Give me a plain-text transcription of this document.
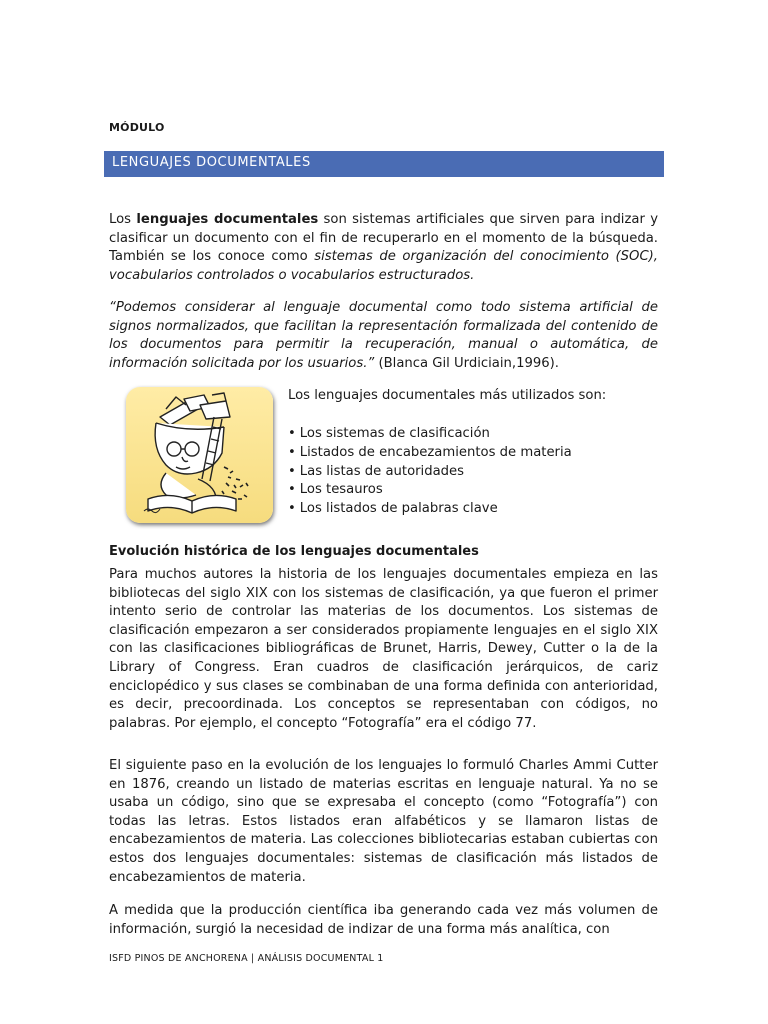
MÓDULO
LENGUAJES DOCUMENTALES

Los lenguajes documentales son sistemas artificiales que sirven para indizar y clasificar un documento con el fin de recuperarlo en el momento de la búsqueda. También se los conoce como sistemas de organización del conocimiento (SOC), vocabularios controlados o vocabularios estructurados.

“Podemos considerar al lenguaje documental como todo sistema artificial de signos normalizados, que facilitan la representación formalizada del contenido de los documentos para permitir la recuperación, manual o automática, de información solicitada por los usuarios.” (Blanca Gil Urdiciain,1996).

Los lenguajes documentales más utilizados son:
• Los sistemas de clasificación
• Listados de encabezamientos de materia
• Las listas de autoridades
• Los tesauros
• Los listados de palabras clave
Evolución histórica de los lenguajes documentales

Para muchos autores la historia de los lenguajes documentales empieza en las bibliotecas del siglo XIX con los sistemas de clasificación, ya que fueron el primer intento serio de controlar las materias de los documentos. Los sistemas de clasificación empezaron a ser considerados propiamente lenguajes en el siglo XIX con las clasificaciones bibliográficas de Brunet, Harris, Dewey, Cutter o la de la Library of Congress. Eran cuadros de clasificación jerárquicos, de cariz enciclopédico y sus clases se combinaban de una forma definida con anterioridad, es decir, precoordinada. Los conceptos se representaban con códigos, no palabras. Por ejemplo, el concepto “Fotografía” era el código 77.

El siguiente paso en la evolución de los lenguajes lo formuló Charles Ammi Cutter en 1876, creando un listado de materias escritas en lenguaje natural. Ya no se usaba un código, sino que se expresaba el concepto (como “Fotografía”) con todas las letras. Estos listados eran alfabéticos y se llamaron listas de encabezamientos de materia. Las colecciones bibliotecarias estaban cubiertas con estos dos lenguajes documentales: sistemas de clasificación más listados de encabezamientos de materia.

A medida que la producción científica iba generando cada vez más volumen de información, surgió la necesidad de indizar de una forma más analítica, con

ISFD PINOS DE ANCHORENA | ANÁLISIS DOCUMENTAL 1
